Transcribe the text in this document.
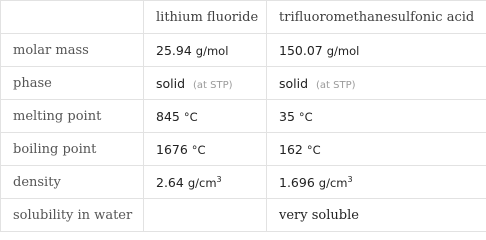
	lithium fluoride	trifluoromethanesulfonic acid
molar mass	25.94 g/mol	150.07 g/mol
phase	solid (at STP)	solid (at STP)
melting point	845 °C	35 °C
boiling point	1676 °C	162 °C
density	2.64 $g/cm^3$	1.696 $g/cm^3$
solubility in water		very soluble
